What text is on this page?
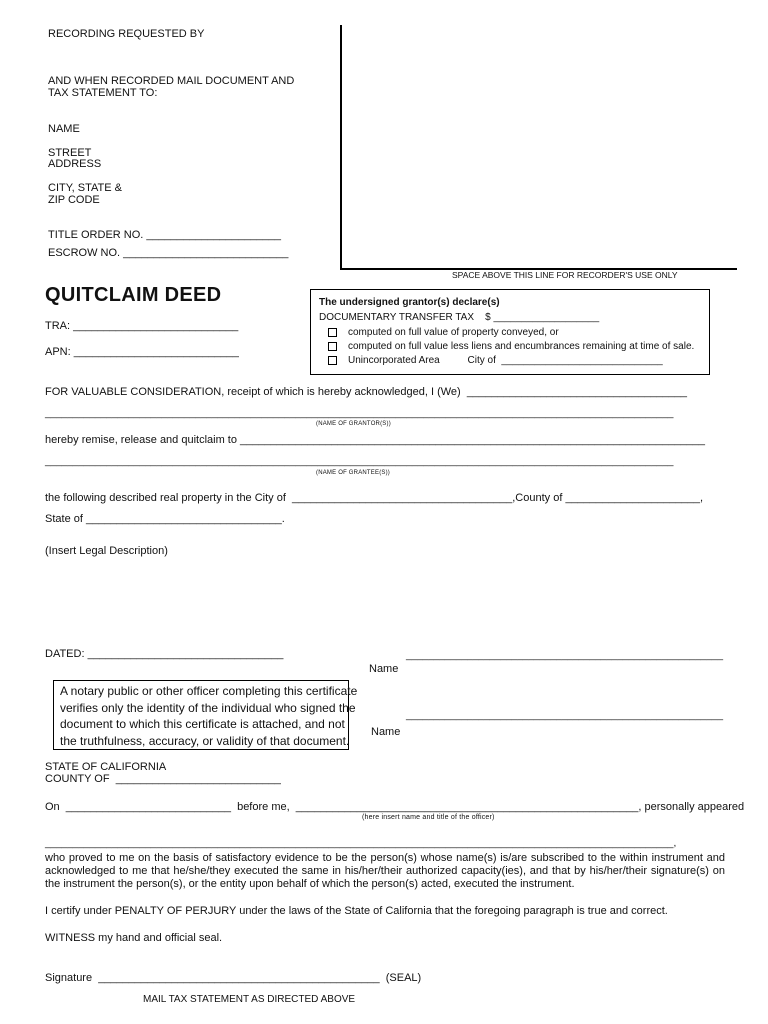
RECORDING REQUESTED BY
AND WHEN RECORDED MAIL DOCUMENT AND
TAX STATEMENT TO:
NAME
STREET
ADDRESS
CITY, STATE &
ZIP CODE
TITLE ORDER NO. ______________________
ESCROW NO. ___________________________
SPACE ABOVE THIS LINE FOR RECORDER'S USE ONLY
QUITCLAIM DEED
TRA: ___________________________
APN: ___________________________
The undersigned grantor(s) declare(s)
DOCUMENTARY TRANSFER TAX    $ ___________________
computed on full value of property conveyed, or
computed on full value less liens and encumbrances remaining at time of sale.
Unincorporated Area          City of  _____________________________
FOR VALUABLE CONSIDERATION, receipt of which is hereby acknowledged, I (We)  ____________________________________
_________________________________________________________________________________________________________________
(NAME OF GRANTOR(S))
hereby remise, release and quitclaim to ____________________________________________________________________________
_________________________________________________________________________________________________________________
(NAME OF GRANTEE(S))
the following described real property in the City of  ____________________________________,County of ______________________,
State of ________________________________.
(Insert Legal Description)
DATED: ________________________________	_________________________________________________________
Name
_________________________________________________________
Name
A notary public or other officer completing this certificate
verifies only the identity of the individual who signed the
document to which this certificate is attached, and not
the truthfulness, accuracy, or validity of that document.
STATE OF CALIFORNIA
COUNTY OF  ___________________________
On  ___________________________  before me,  ________________________________________________________, personally appeared
(here insert name and title of the officer)
_________________________________________________________________________________________________________________,
who proved to me on the basis of satisfactory evidence to be the person(s) whose name(s) is/are subscribed to the within instrument and acknowledged to me that he/she/they executed the same in his/her/their authorized capacity(ies), and that by his/her/their signature(s) on the instrument the person(s), or the entity upon behalf of which the person(s) acted, executed the instrument.
I certify under PENALTY OF PERJURY under the laws of the State of California that the foregoing paragraph is true and correct.
WITNESS my hand and official seal.
Signature  ______________________________________________  (SEAL)
MAIL TAX STATEMENT AS DIRECTED ABOVE
